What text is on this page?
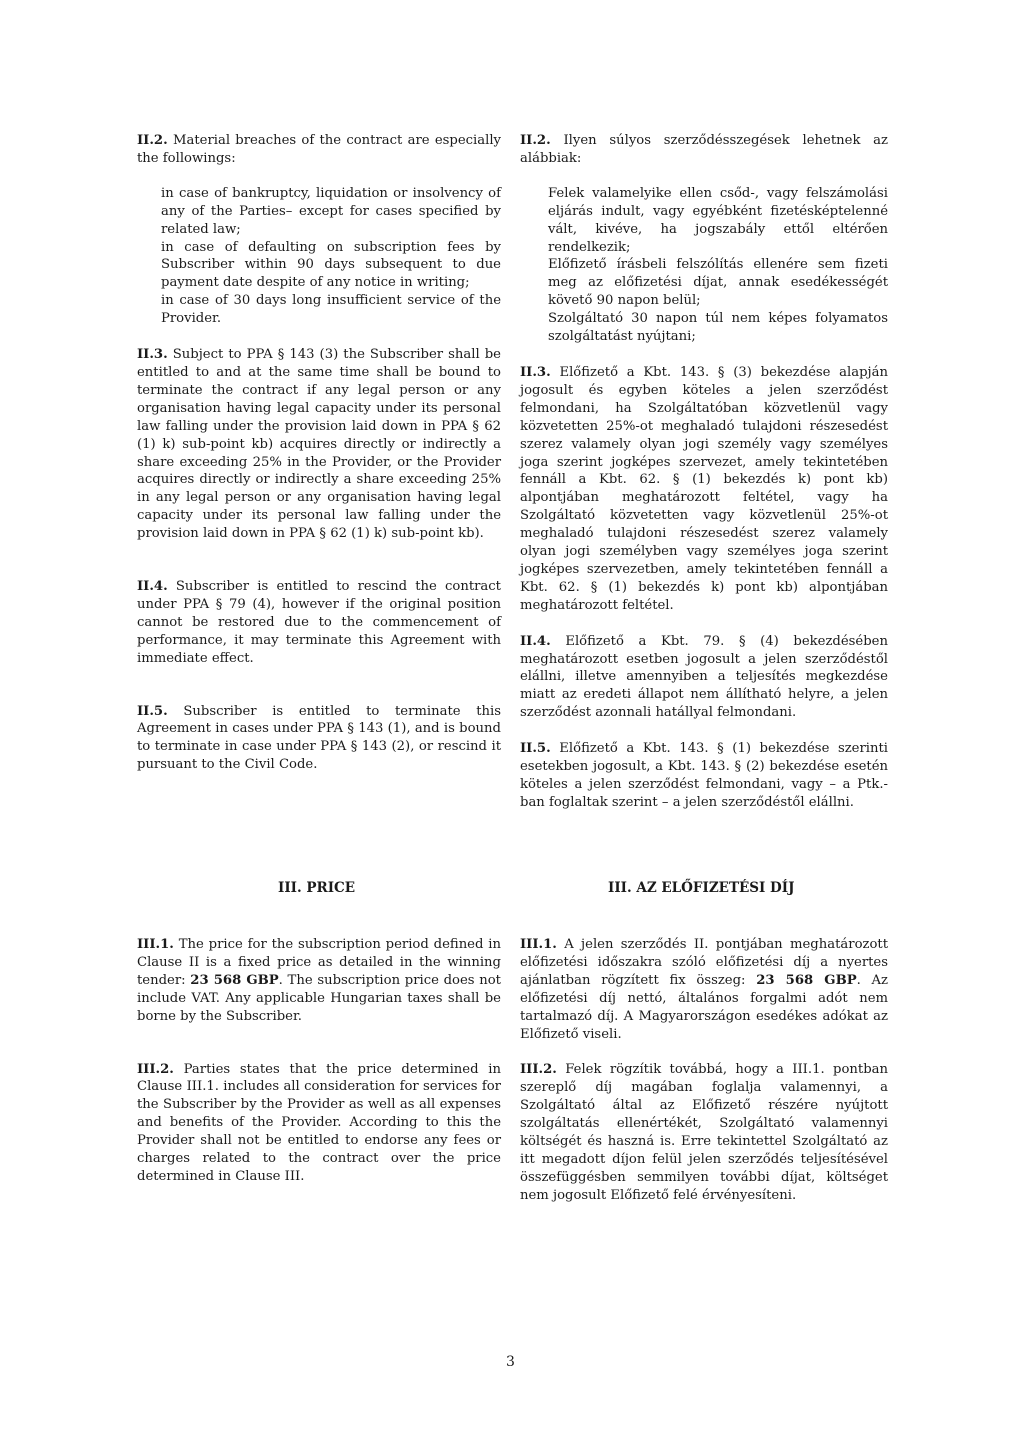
II.2. Material breaches of the contract are especially the followings:

in case of bankruptcy, liquidation or insolvency of any of the Parties– except for cases specified by related law;

in case of defaulting on subscription fees by Subscriber within 90 days subsequent to due payment date despite of any notice in writing;

in case of 30 days long insufficient service of the Provider.

II.3. Subject to PPA § 143 (3) the Subscriber shall be entitled to and at the same time shall be bound to terminate the contract if any legal person or any organisation having legal capacity under its personal law falling under the provision laid down in PPA § 62 (1) k) sub-point kb) acquires directly or indirectly a share exceeding 25% in the Provider, or the Provider acquires directly or indirectly a share exceeding 25% in any legal person or any organisation having legal capacity under its personal law falling under the provision laid down in PPA § 62 (1) k) sub-point kb).

II.4. Subscriber is entitled to rescind the contract under PPA § 79 (4), however if the original position cannot be restored due to the commencement of performance, it may terminate this Agreement with immediate effect.

II.5. Subscriber is entitled to terminate this Agreement in cases under PPA § 143 (1), and is bound to terminate in case under PPA § 143 (2), or rescind it pursuant to the Civil Code.

II.2. Ilyen súlyos szerződésszegések lehetnek az alábbiak:

Felek valamelyike ellen csőd-, vagy felszámolási eljárás indult, vagy egyébként fizetésképtelenné vált, kivéve, ha jogszabály ettől eltérően rendelkezik;

Előfizető írásbeli felszólítás ellenére sem fizeti meg az előfizetési díjat, annak esedékességét követő 90 napon belül;

Szolgáltató 30 napon túl nem képes folyamatos szolgáltatást nyújtani;

II.3. Előfizető a Kbt. 143. § (3) bekezdése alapján jogosult és egyben köteles a jelen szerződést felmondani, ha Szolgáltatóban közvetlenül vagy közvetetten 25%-ot meghaladó tulajdoni részesedést szerez valamely olyan jogi személy vagy személyes joga szerint jogképes szervezet, amely tekintetében fennáll a Kbt. 62. § (1) bekezdés k) pont kb) alpontjában meghatározott feltétel, vagy ha Szolgáltató közvetetten vagy közvetlenül 25%-ot meghaladó tulajdoni részesedést szerez valamely olyan jogi személyben vagy személyes joga szerint jogképes szervezetben, amely tekintetében fennáll a Kbt. 62. § (1) bekezdés k) pont kb) alpontjában meghatározott feltétel.

II.4. Előfizető a Kbt. 79. § (4) bekezdésében meghatározott esetben jogosult a jelen szerződéstől elállni, illetve amennyiben a teljesítés megkezdése miatt az eredeti állapot nem állítható helyre, a jelen szerződést azonnali hatállyal felmondani.

II.5. Előfizető a Kbt. 143. § (1) bekezdése szerinti esetekben jogosult, a Kbt. 143. § (2) bekezdése esetén köteles a jelen szerződést felmondani, vagy – a Ptk.-ban foglaltak szerint – a jelen szerződéstől elállni.

III. PRICE	III. AZ ELŐFIZETÉSI DÍJ

III.1. The price for the subscription period defined in Clause II is a fixed price as detailed in the winning tender: 23 568 GBP. The subscription price does not include VAT. Any applicable Hungarian taxes shall be borne by the Subscriber.

III.2. Parties states that the price determined in Clause III.1. includes all consideration for services for the Subscriber by the Provider as well as all expenses and benefits of the Provider. According to this the Provider shall not be entitled to endorse any fees or charges related to the contract over the price determined in Clause III.

III.1. A jelen szerződés II. pontjában meghatározott előfizetési időszakra szóló előfizetési díj a nyertes ajánlatban rögzített fix összeg: 23 568 GBP. Az előfizetési díj nettó, általános forgalmi adót nem tartalmazó díj. A Magyarországon esedékes adókat az Előfizető viseli.

III.2. Felek rögzítik továbbá, hogy a III.1. pontban szereplő díj magában foglalja valamennyi, a Szolgáltató által az Előfizető részére nyújtott szolgáltatás ellenértékét, Szolgáltató valamennyi költségét és haszná is. Erre tekintettel Szolgáltató az itt megadott díjon felül jelen szerződés teljesítésével összefüggésben semmilyen további díjat, költséget nem jogosult Előfizető felé érvényesíteni.

3
